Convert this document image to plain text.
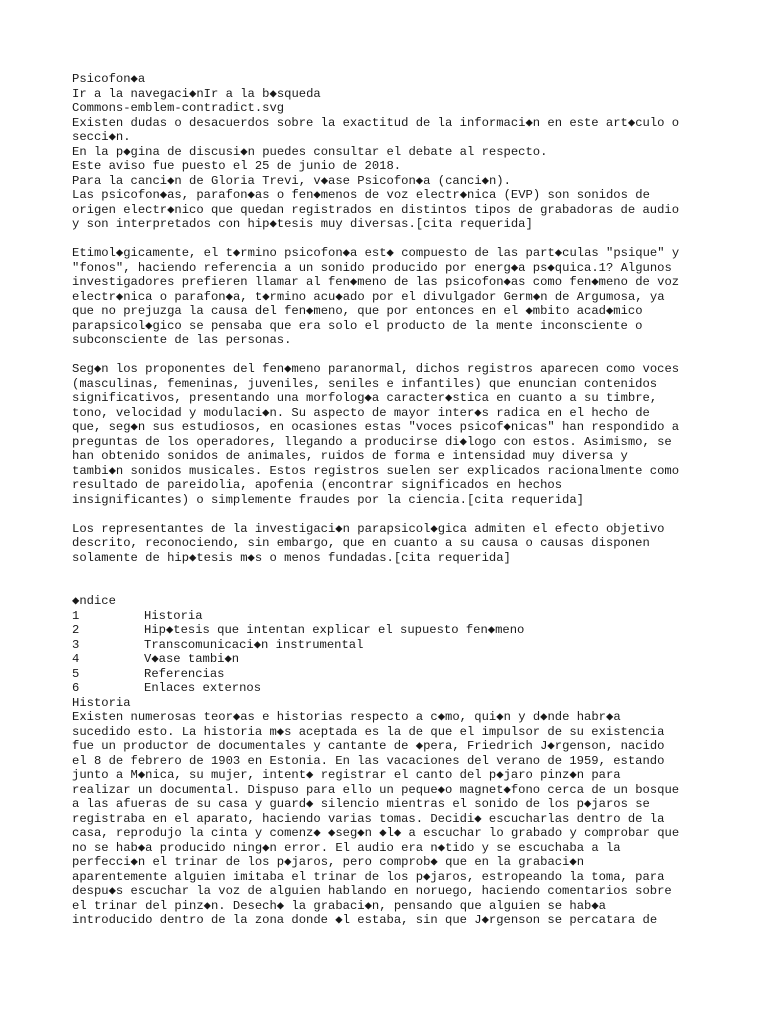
Psicofon◆a
Ir a la navegaci◆nIr a la b◆squeda
Commons-emblem-contradict.svg
Existen dudas o desacuerdos sobre la exactitud de la informaci◆n en este art◆culo o
secci◆n.
En la p◆gina de discusi◆n puedes consultar el debate al respecto.
Este aviso fue puesto el 25 de junio de 2018.
Para la canci◆n de Gloria Trevi, v◆ase Psicofon◆a (canci◆n).
Las psicofon◆as, parafon◆as o fen◆menos de voz electr◆nica (EVP) son sonidos de
origen electr◆nico que quedan registrados en distintos tipos de grabadoras de audio
y son interpretados con hip◆tesis muy diversas.[cita requerida]
Etimol◆gicamente, el t◆rmino psicofon◆a est◆ compuesto de las part◆culas "psique" y
"fonos", haciendo referencia a un sonido producido por energ◆a ps◆quica.1? Algunos
investigadores prefieren llamar al fen◆meno de las psicofon◆as como fen◆meno de voz
electr◆nica o parafon◆a, t◆rmino acu◆ado por el divulgador Germ◆n de Argumosa, ya
que no prejuzga la causa del fen◆meno, que por entonces en el ◆mbito acad◆mico
parapsicol◆gico se pensaba que era solo el producto de la mente inconsciente o
subconsciente de las personas.
Seg◆n los proponentes del fen◆meno paranormal, dichos registros aparecen como voces
(masculinas, femeninas, juveniles, seniles e infantiles) que enuncian contenidos
significativos, presentando una morfolog◆a caracter◆stica en cuanto a su timbre,
tono, velocidad y modulaci◆n. Su aspecto de mayor inter◆s radica en el hecho de
que, seg◆n sus estudiosos, en ocasiones estas "voces psicof◆nicas" han respondido a
preguntas de los operadores, llegando a producirse di◆logo con estos. Asimismo, se
han obtenido sonidos de animales, ruidos de forma e intensidad muy diversa y
tambi◆n sonidos musicales. Estos registros suelen ser explicados racionalmente como
resultado de pareidolia, apofenia (encontrar significados en hechos
insignificantes) o simplemente fraudes por la ciencia.[cita requerida]
Los representantes de la investigaci◆n parapsicol◆gica admiten el efecto objetivo
descrito, reconociendo, sin embargo, que en cuanto a su causa o causas disponen
solamente de hip◆tesis m◆s o menos fundadas.[cita requerida]
◆ndice
1	Historia
2	Hip◆tesis que intentan explicar el supuesto fen◆meno
3	Transcomunicaci◆n instrumental
4	V◆ase tambi◆n
5	Referencias
6	Enlaces externos
Historia
Existen numerosas teor◆as e historias respecto a c◆mo, qui◆n y d◆nde habr◆a
sucedido esto. La historia m◆s aceptada es la de que el impulsor de su existencia
fue un productor de documentales y cantante de ◆pera, Friedrich J◆rgenson, nacido
el 8 de febrero de 1903 en Estonia. En las vacaciones del verano de 1959, estando
junto a M◆nica, su mujer, intent◆ registrar el canto del p◆jaro pinz◆n para
realizar un documental. Dispuso para ello un peque◆o magnet◆fono cerca de un bosque
a las afueras de su casa y guard◆ silencio mientras el sonido de los p◆jaros se
registraba en el aparato, haciendo varias tomas. Decidi◆ escucharlas dentro de la
casa, reprodujo la cinta y comenz◆ ◆seg◆n ◆l◆ a escuchar lo grabado y comprobar que
no se hab◆a producido ning◆n error. El audio era n◆tido y se escuchaba a la
perfecci◆n el trinar de los p◆jaros, pero comprob◆ que en la grabaci◆n
aparentemente alguien imitaba el trinar de los p◆jaros, estropeando la toma, para
despu◆s escuchar la voz de alguien hablando en noruego, haciendo comentarios sobre
el trinar del pinz◆n. Desech◆ la grabaci◆n, pensando que alguien se hab◆a
introducido dentro de la zona donde ◆l estaba, sin que J◆rgenson se percatara de
